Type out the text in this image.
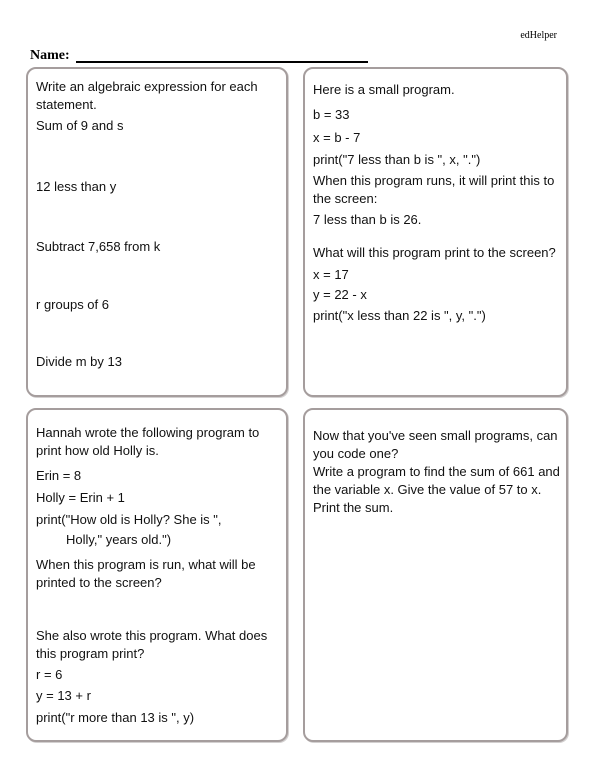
edHelper
Name:

Write an algebraic expression for each statement.

Sum of 9 and s

12 less than y

Subtract 7,658 from k

r groups of 6

Divide m by 13

Here is a small program.

b = 33

x = b - 7

print("7 less than b is ", x, ".")

When this program runs, it will print this to the screen:

7 less than b is 26.

What will this program print to the screen?

x = 17

y = 22 - x

print("x less than 22 is ", y, ".")

Hannah wrote the following program to print how old Holly is.

Erin = 8

Holly = Erin + 1

print("How old is Holly? She is ",

Holly," years old.")

When this program is run, what will be printed to the screen?

She also wrote this program. What does this program print?

r = 6

y = 13 + r

print("r more than 13 is ", y)

Now that you've seen small programs, can you code one?

Write a program to find the sum of 661 and the variable x. Give the value of 57 to x. Print the sum.
